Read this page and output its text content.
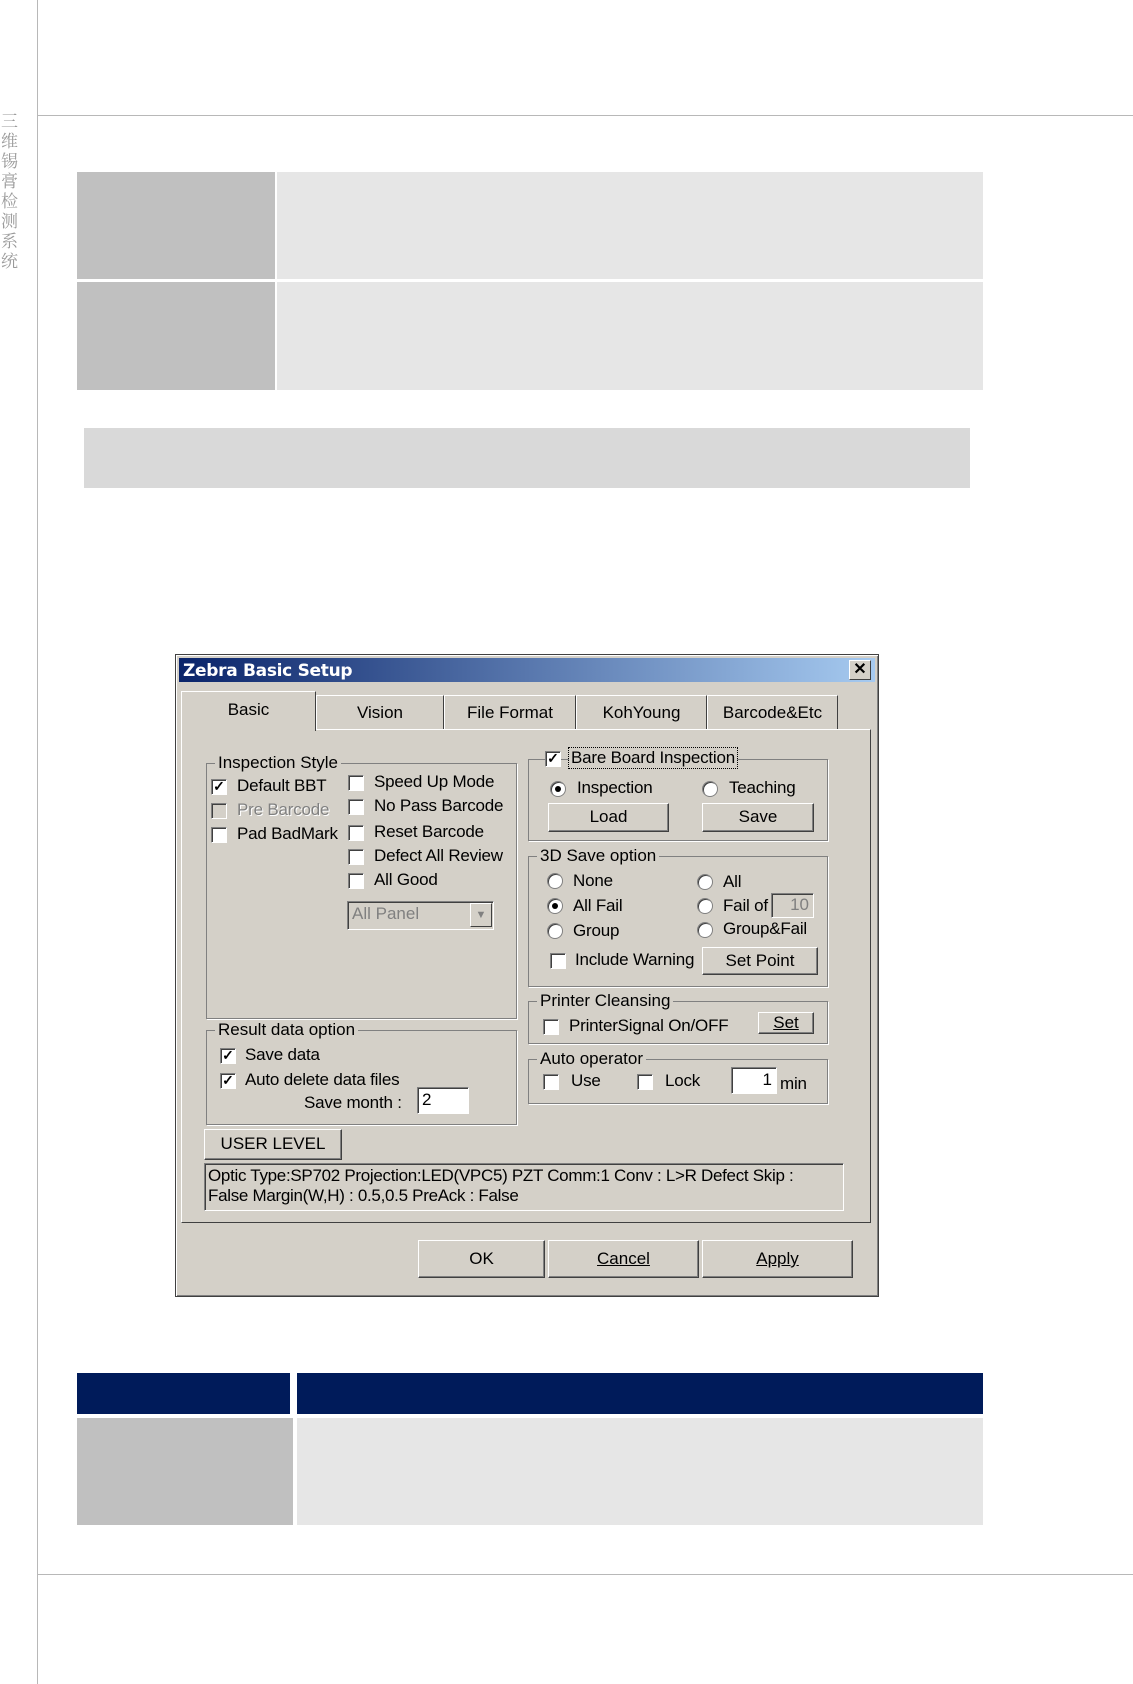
三维锡膏检测系统
Zebra Basic Setup	✕
Basic	Vision	File Format	KohYoung	Barcode&Etc
Inspection Style
✓ Default BBT
Pre Barcode
Pad BadMark
Speed Up Mode
No Pass Barcode
Reset Barcode
Defect All Review
All Good
All Panel	▼
Result data option
✓ Save data
✓ Auto delete data files
Save month : 2
✓ Bare Board Inspection
Inspection	Teaching
Load	Save
3D Save option
None	All
All Fail	Fail of	10
Group	Group&Fail
Include Warning	Set Point
Printer Cleansing
PrinterSignal On/OFF	Set
Auto operator
Use	Lock	1 min
USER LEVEL
Optic Type:SP702 Projection:LED(VPC5) PZT Comm:1 Conv : L>R Defect Skip :
False Margin(W,H) : 0.5,0.5 PreAck : False
OK	Cancel	Apply
